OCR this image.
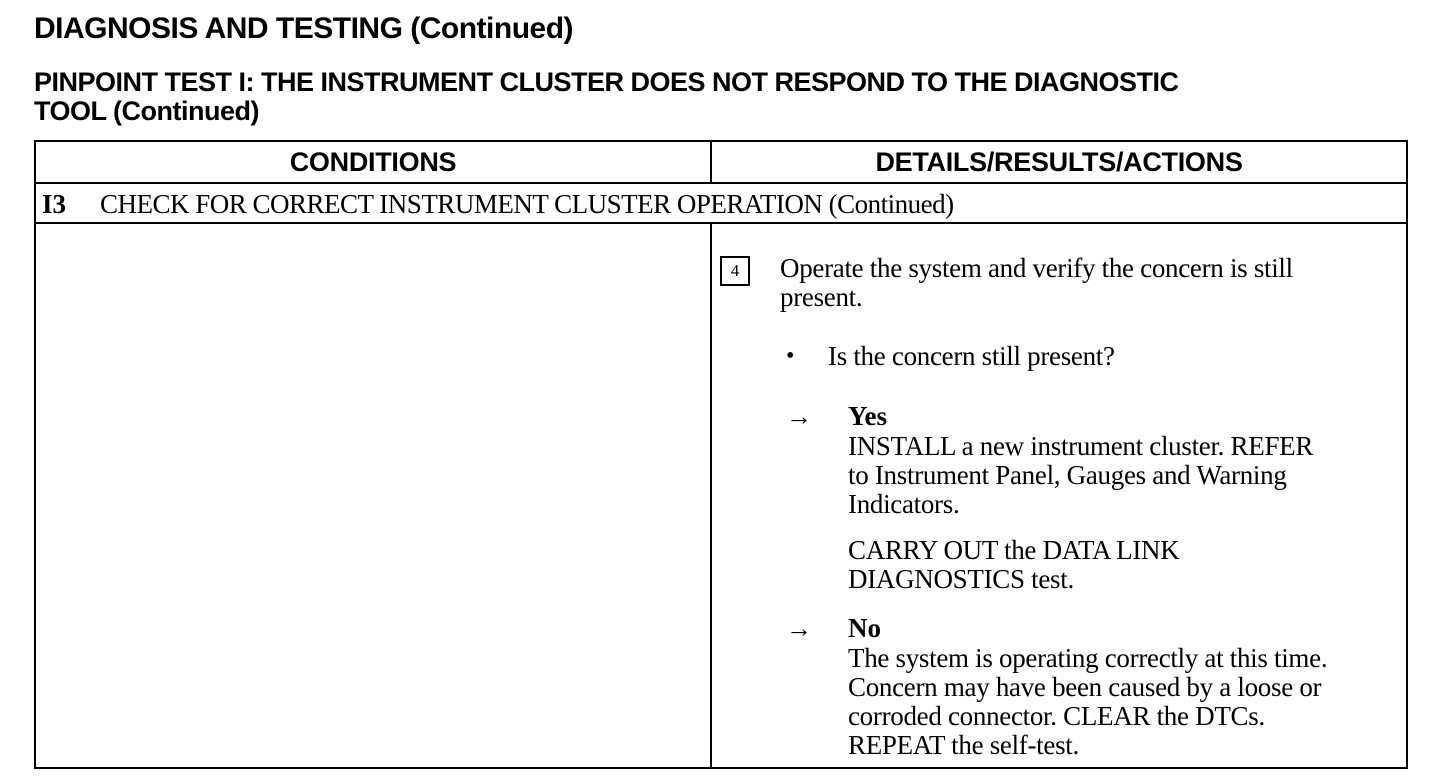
DIAGNOSIS AND TESTING (Continued)
PINPOINT TEST I: THE INSTRUMENT CLUSTER DOES NOT RESPOND TO THE DIAGNOSTIC
TOOL (Continued)
CONDITIONS	DETAILS/RESULTS/ACTIONS
I3 CHECK FOR CORRECT INSTRUMENT CLUSTER OPERATION (Continued)
4	Operate the system and verify the concern is still
present.
• Is the concern still present?
→ Yes
INSTALL a new instrument cluster. REFER
to Instrument Panel, Gauges and Warning
Indicators.
CARRY OUT the DATA LINK
DIAGNOSTICS test.
→ No
The system is operating correctly at this time.
Concern may have been caused by a loose or
corroded connector. CLEAR the DTCs.
REPEAT the self-test.
